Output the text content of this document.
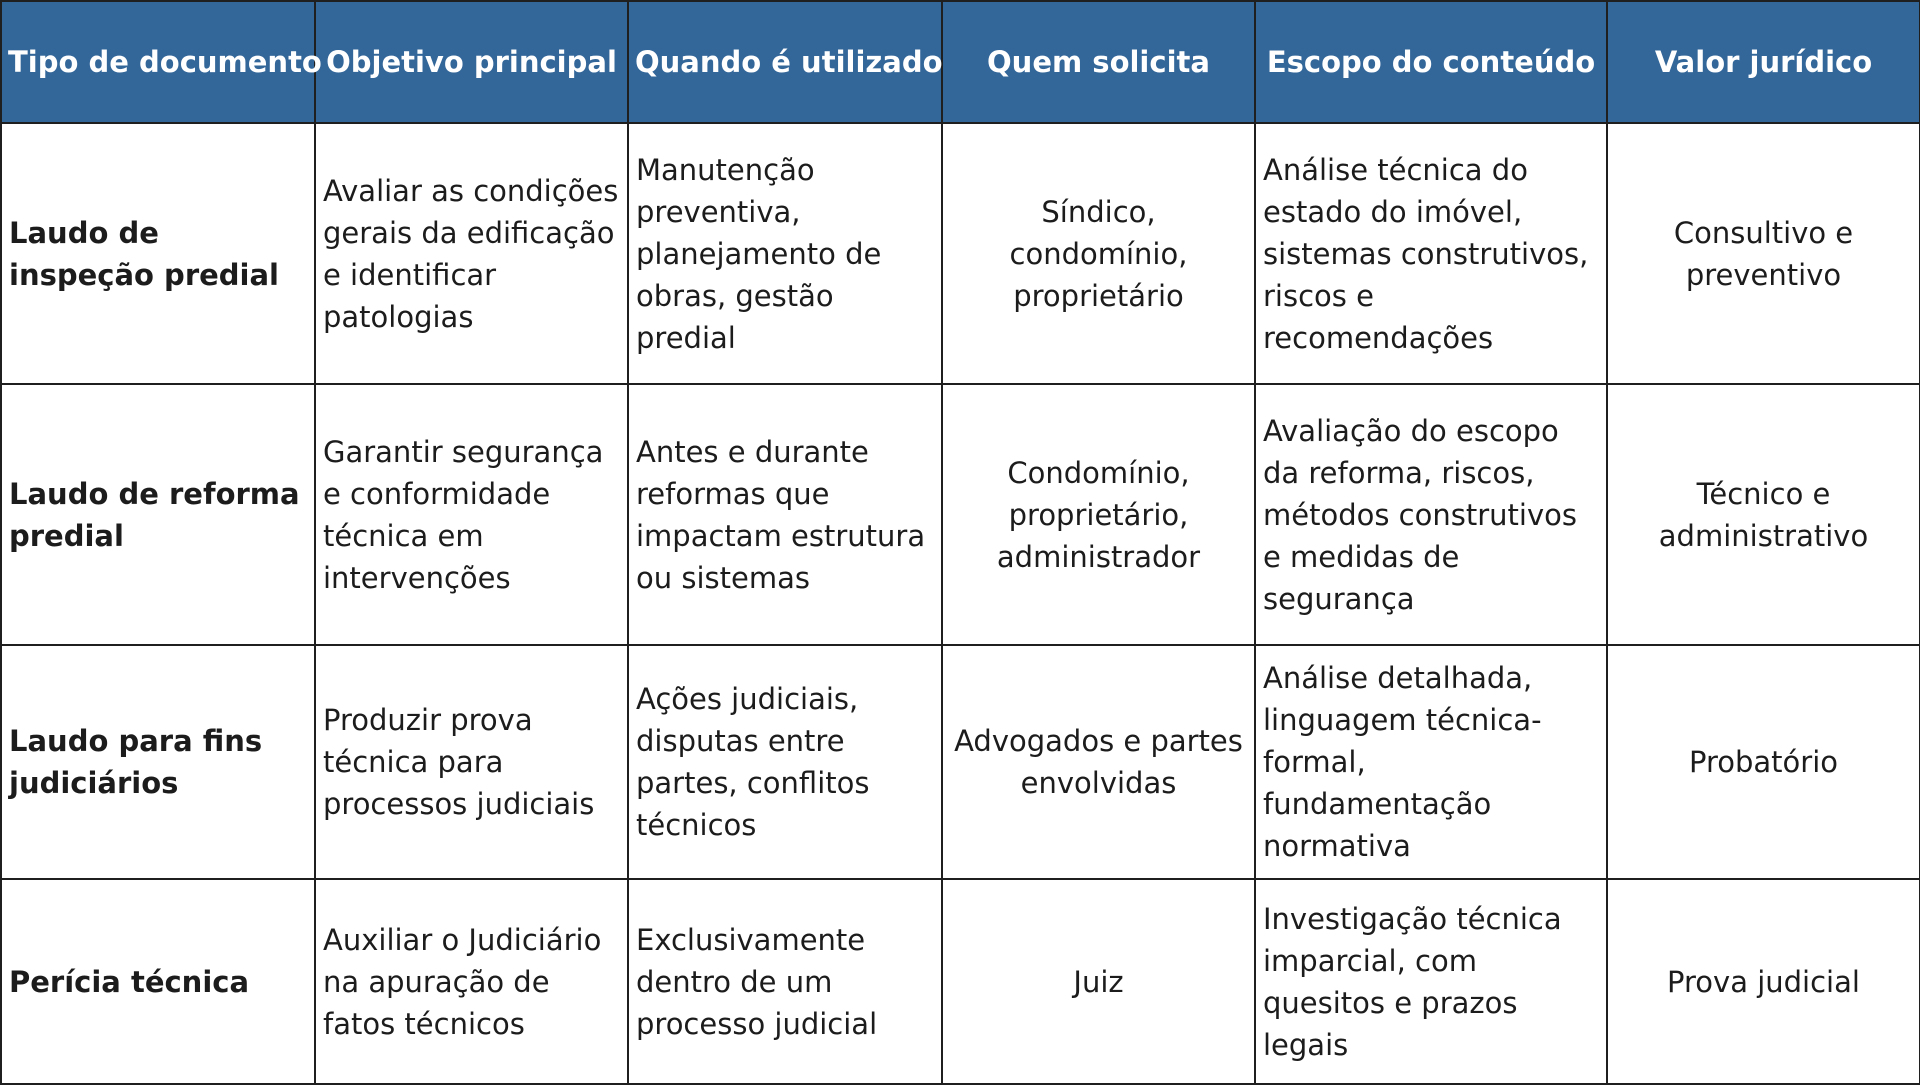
Tipo de documento	Objetivo principal	Quando é utilizado	Quem solicita	Escopo do conteúdo	Valor jurídico
Laudo de inspeção predial	Avaliar as condições gerais da edificação e identificar patologias	Manutenção preventiva, planejamento de obras, gestão predial	Síndico, condomínio, proprietário	Análise técnica do estado do imóvel, sistemas construtivos, riscos e recomendações	Consultivo e preventivo
Laudo de reforma predial	Garantir segurança e conformidade técnica em intervenções	Antes e durante reformas que impactam estrutura ou sistemas	Condomínio, proprietário, administrador	Avaliação do escopo da reforma, riscos, métodos construtivos e medidas de segurança	Técnico e administrativo
Laudo para fins judiciários	Produzir prova técnica para processos judiciais	Ações judiciais, disputas entre partes, conflitos técnicos	Advogados e partes envolvidas	Análise detalhada, linguagem técnica-formal, fundamentação normativa	Probatório
Perícia técnica	Auxiliar o Judiciário na apuração de fatos técnicos	Exclusivamente dentro de um processo judicial	Juiz	Investigação técnica imparcial, com quesitos e prazos legais	Prova judicial
